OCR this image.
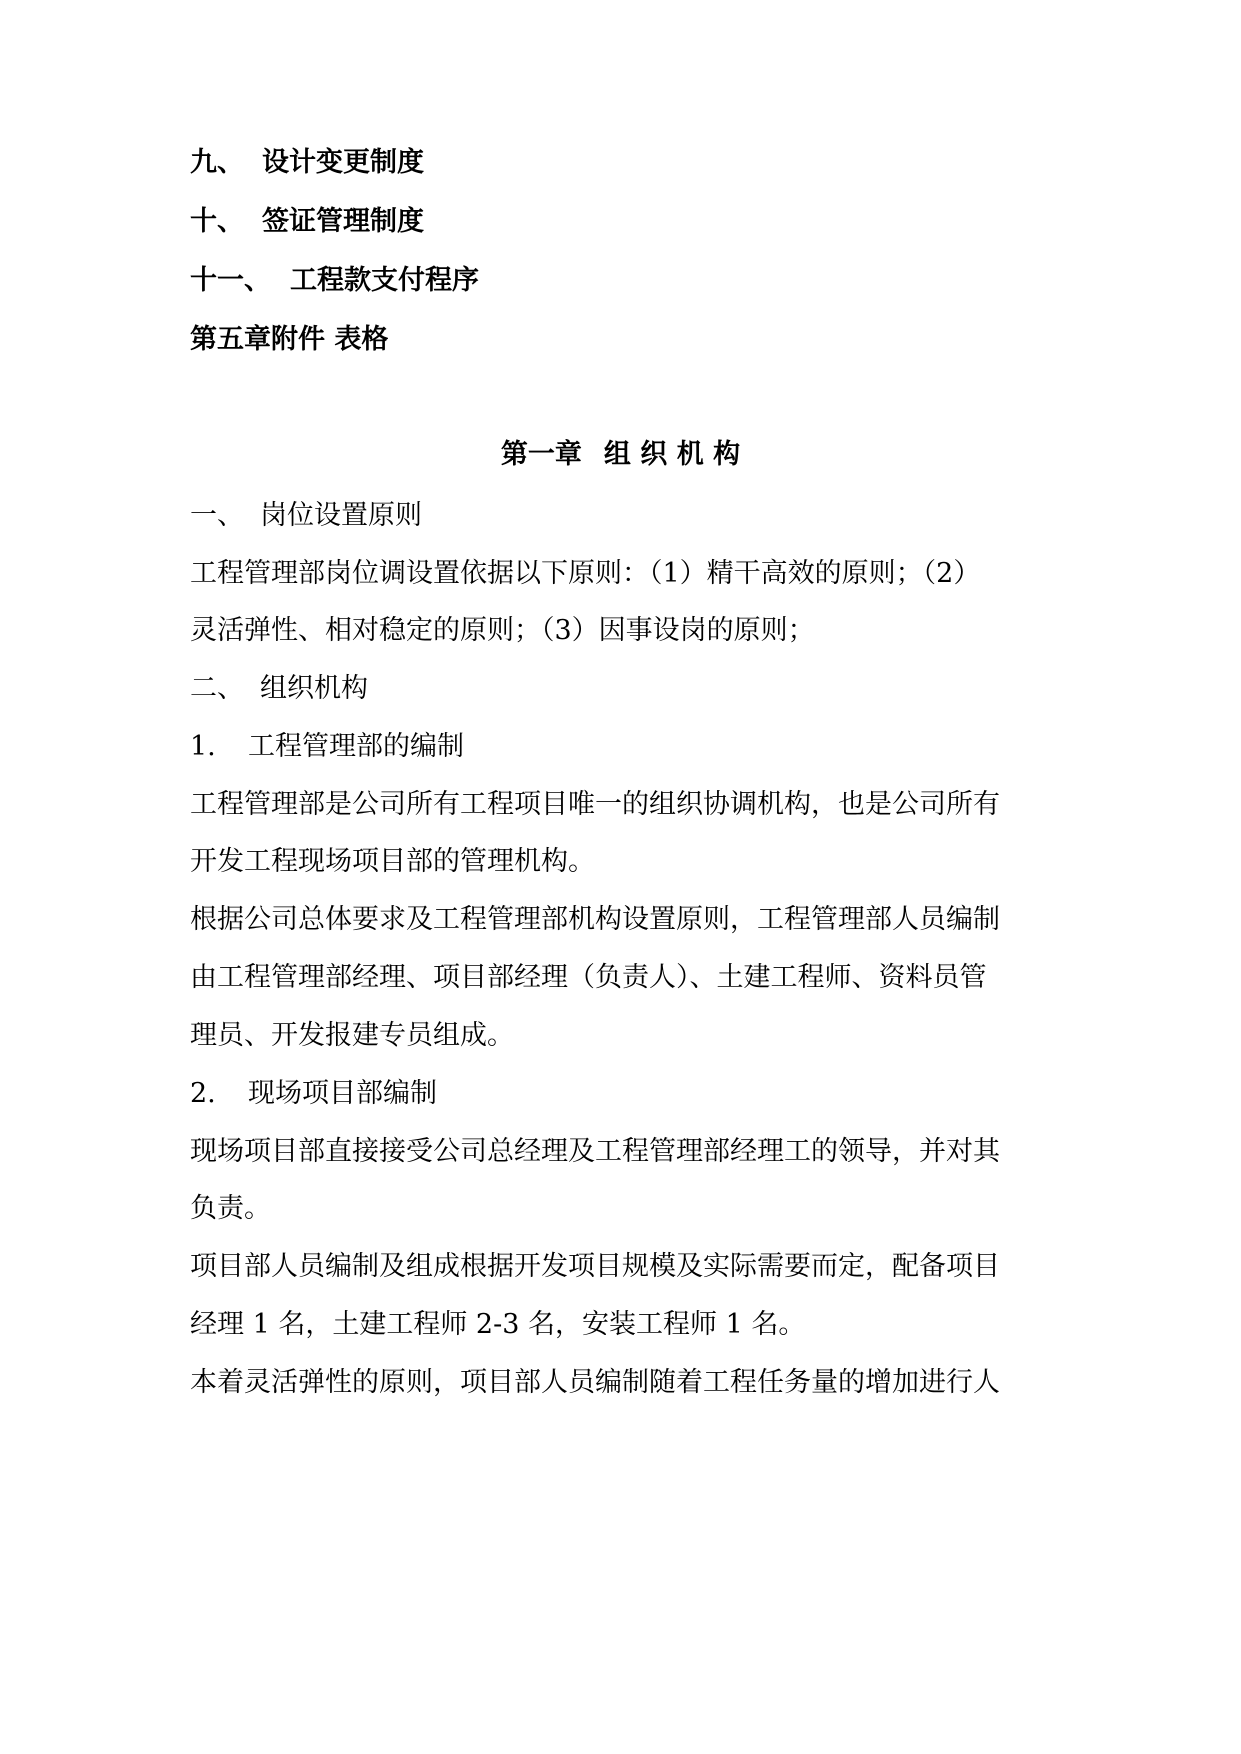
九、 设计变更制度
十、 签证管理制度
十一、 工程款支付程序
第五章附件 表格
第一章 组 织 机 构
一、 岗位设置原则
工程管理部岗位调设置依据以下原则：（1）精干高效的原则；（2）
灵活弹性、相对稳定的原则；（3）因事设岗的原则；
二、 组织机构
1. 工程管理部的编制
工程管理部是公司所有工程项目唯一的组织协调机构，也是公司所有
开发工程现场项目部的管理机构。
根据公司总体要求及工程管理部机构设置原则，工程管理部人员编制
由工程管理部经理、项目部经理（负责人）、土建工程师、资料员管
理员、开发报建专员组成。
2. 现场项目部编制
现场项目部直接接受公司总经理及工程管理部经理工的领导，并对其
负责。
项目部人员编制及组成根据开发项目规模及实际需要而定，配备项目
经理 1 名，土建工程师 2-3 名，安装工程师 1 名。
本着灵活弹性的原则，项目部人员编制随着工程任务量的增加进行人
